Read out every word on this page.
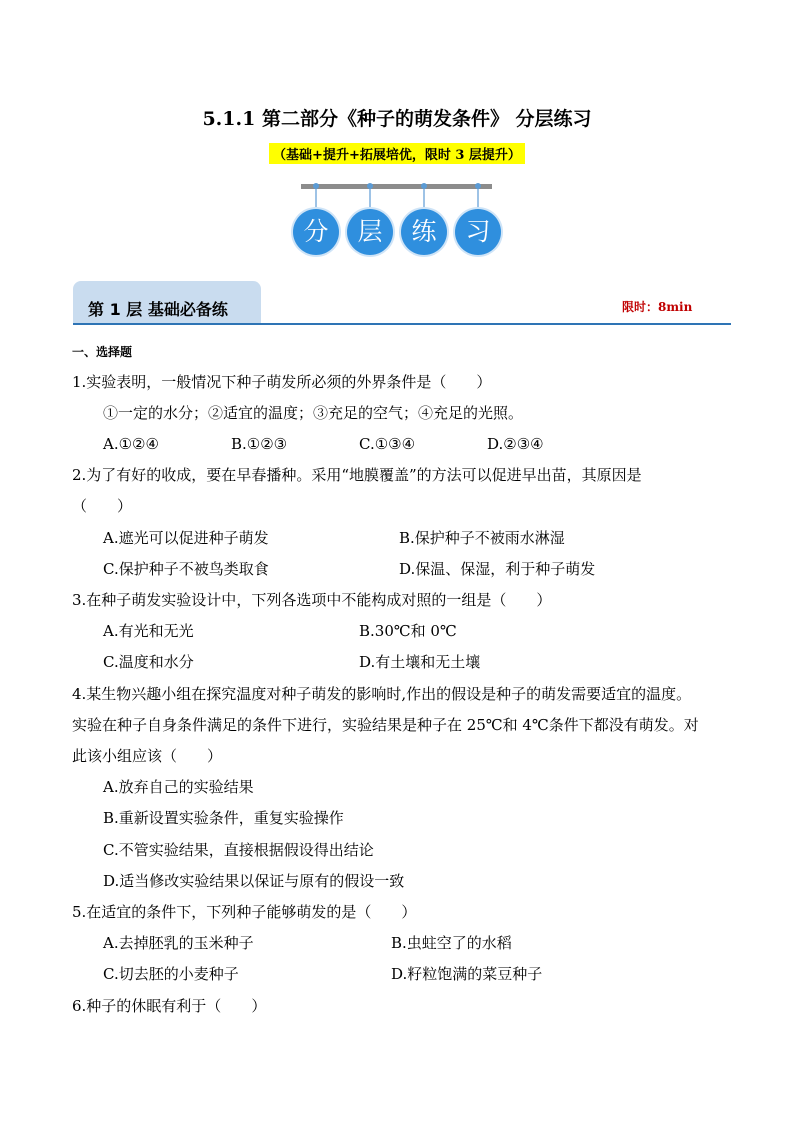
5.1.1 第二部分《种子的萌发条件》 分层练习
（基础+提升+拓展培优，限时 3 层提升）
分	层	练	习
第 1 层 基础必备练	限时：8min
一、选择题
1.实验表明，一般情况下种子萌发所必须的外界条件是（　　）
①一定的水分；②适宜的温度；③充足的空气；④充足的光照。
A.①②④	B.①②③	C.①③④	D.②③④
2.为了有好的收成，要在早春播种。采用“地膜覆盖”的方法可以促进早出苗，其原因是
（　　）
A.遮光可以促进种子萌发	B.保护种子不被雨水淋湿
C.保护种子不被鸟类取食	D.保温、保湿，利于种子萌发
3.在种子萌发实验设计中，下列各选项中不能构成对照的一组是（　　）
A.有光和无光	B.30℃和 0℃
C.温度和水分	D.有土壤和无土壤
4.某生物兴趣小组在探究温度对种子萌发的影响时,作出的假设是种子的萌发需要适宜的温度。
实验在种子自身条件满足的条件下进行，实验结果是种子在 25℃和 4℃条件下都没有萌发。对
此该小组应该（　　）
A.放弃自己的实验结果
B.重新设置实验条件，重复实验操作
C.不管实验结果，直接根据假设得出结论
D.适当修改实验结果以保证与原有的假设一致
5.在适宜的条件下，下列种子能够萌发的是（　　）
A.去掉胚乳的玉米种子	B.虫蛀空了的水稻
C.切去胚的小麦种子	D.籽粒饱满的菜豆种子
6.种子的休眠有利于（　　）
